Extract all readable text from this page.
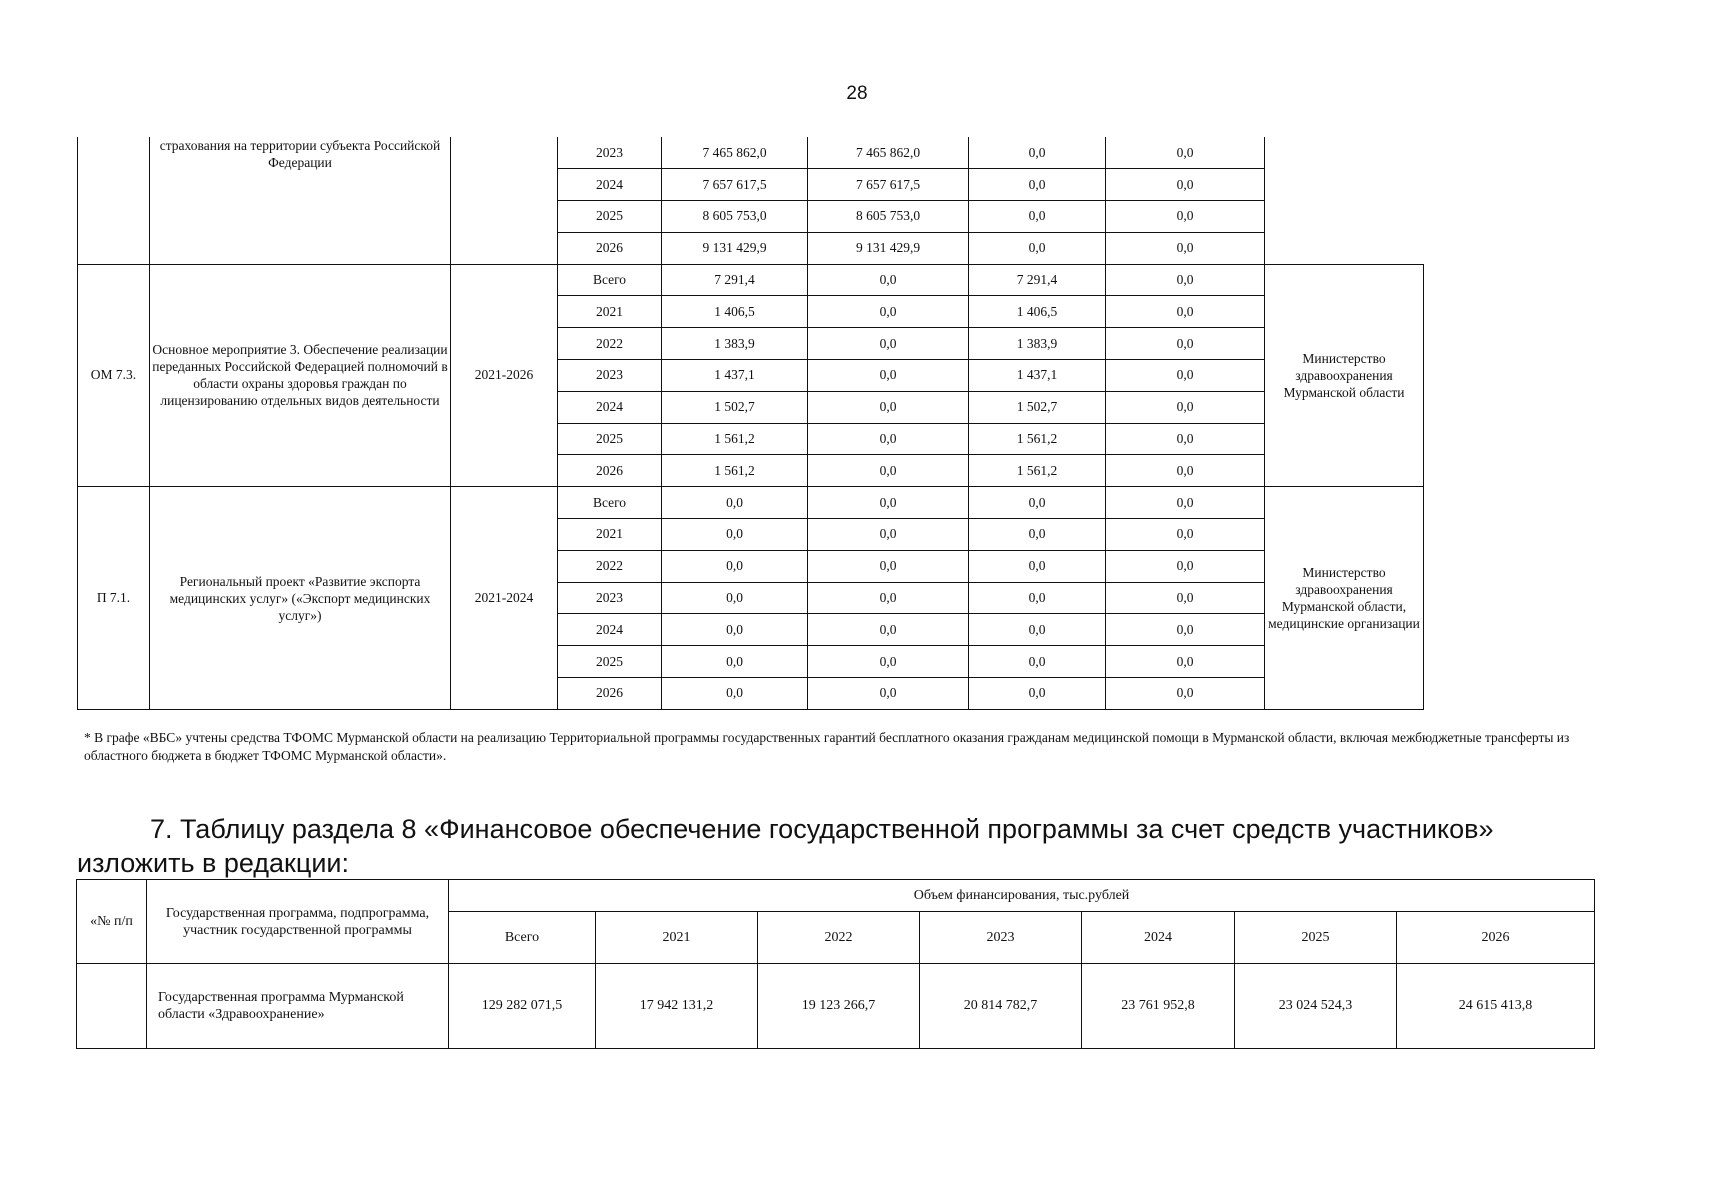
28
	страхования на территории субъекта Российской Федерации		2023	7 465 862,0	7 465 862,0	0,0	0,0	
			2024	7 657 617,5	7 657 617,5	0,0	0,0	
			2025	8 605 753,0	8 605 753,0	0,0	0,0	
			2026	9 131 429,9	9 131 429,9	0,0	0,0	
ОМ 7.3.	Основное мероприятие 3. Обеспечение реализации переданных Российской Федерацией полномочий в области охраны здоровья граждан по лицензированию отдельных видов деятельности	2021-2026	Всего	7 291,4	0,0	7 291,4	0,0	Министерство здравоохранения Мурманской области
			2021	1 406,5	0,0	1 406,5	0,0	
			2022	1 383,9	0,0	1 383,9	0,0	
			2023	1 437,1	0,0	1 437,1	0,0	
			2024	1 502,7	0,0	1 502,7	0,0	
			2025	1 561,2	0,0	1 561,2	0,0	
			2026	1 561,2	0,0	1 561,2	0,0	
П 7.1.	Региональный проект «Развитие экспорта медицинских услуг» («Экспорт медицинских услуг»)	2021-2024	Всего	0,0	0,0	0,0	0,0	Министерство здравоохранения Мурманской области, медицинские организации
			2021	0,0	0,0	0,0	0,0	
			2022	0,0	0,0	0,0	0,0	
			2023	0,0	0,0	0,0	0,0	
			2024	0,0	0,0	0,0	0,0	
			2025	0,0	0,0	0,0	0,0	
			2026	0,0	0,0	0,0	0,0	
* В графе «ВБС» учтены средства ТФОМС Мурманской области на реализацию Территориальной программы государственных гарантий бесплатного оказания гражданам медицинской помощи в Мурманской области, включая межбюджетные трансферты из областного бюджета в бюджет ТФОМС Мурманской области».
7. Таблицу раздела 8 «Финансовое обеспечение государственной программы за счет средств участников» изложить в редакции:
«№ п/п	Государственная программа, подпрограмма, участник государственной программы	Объем финансирования, тыс.рублей						
		Всего	2021	2022	2023	2024	2025	2026
	Государственная программа Мурманской области «Здравоохранение»	129 282 071,5	17 942 131,2	19 123 266,7	20 814 782,7	23 761 952,8	23 024 524,3	24 615 413,8
